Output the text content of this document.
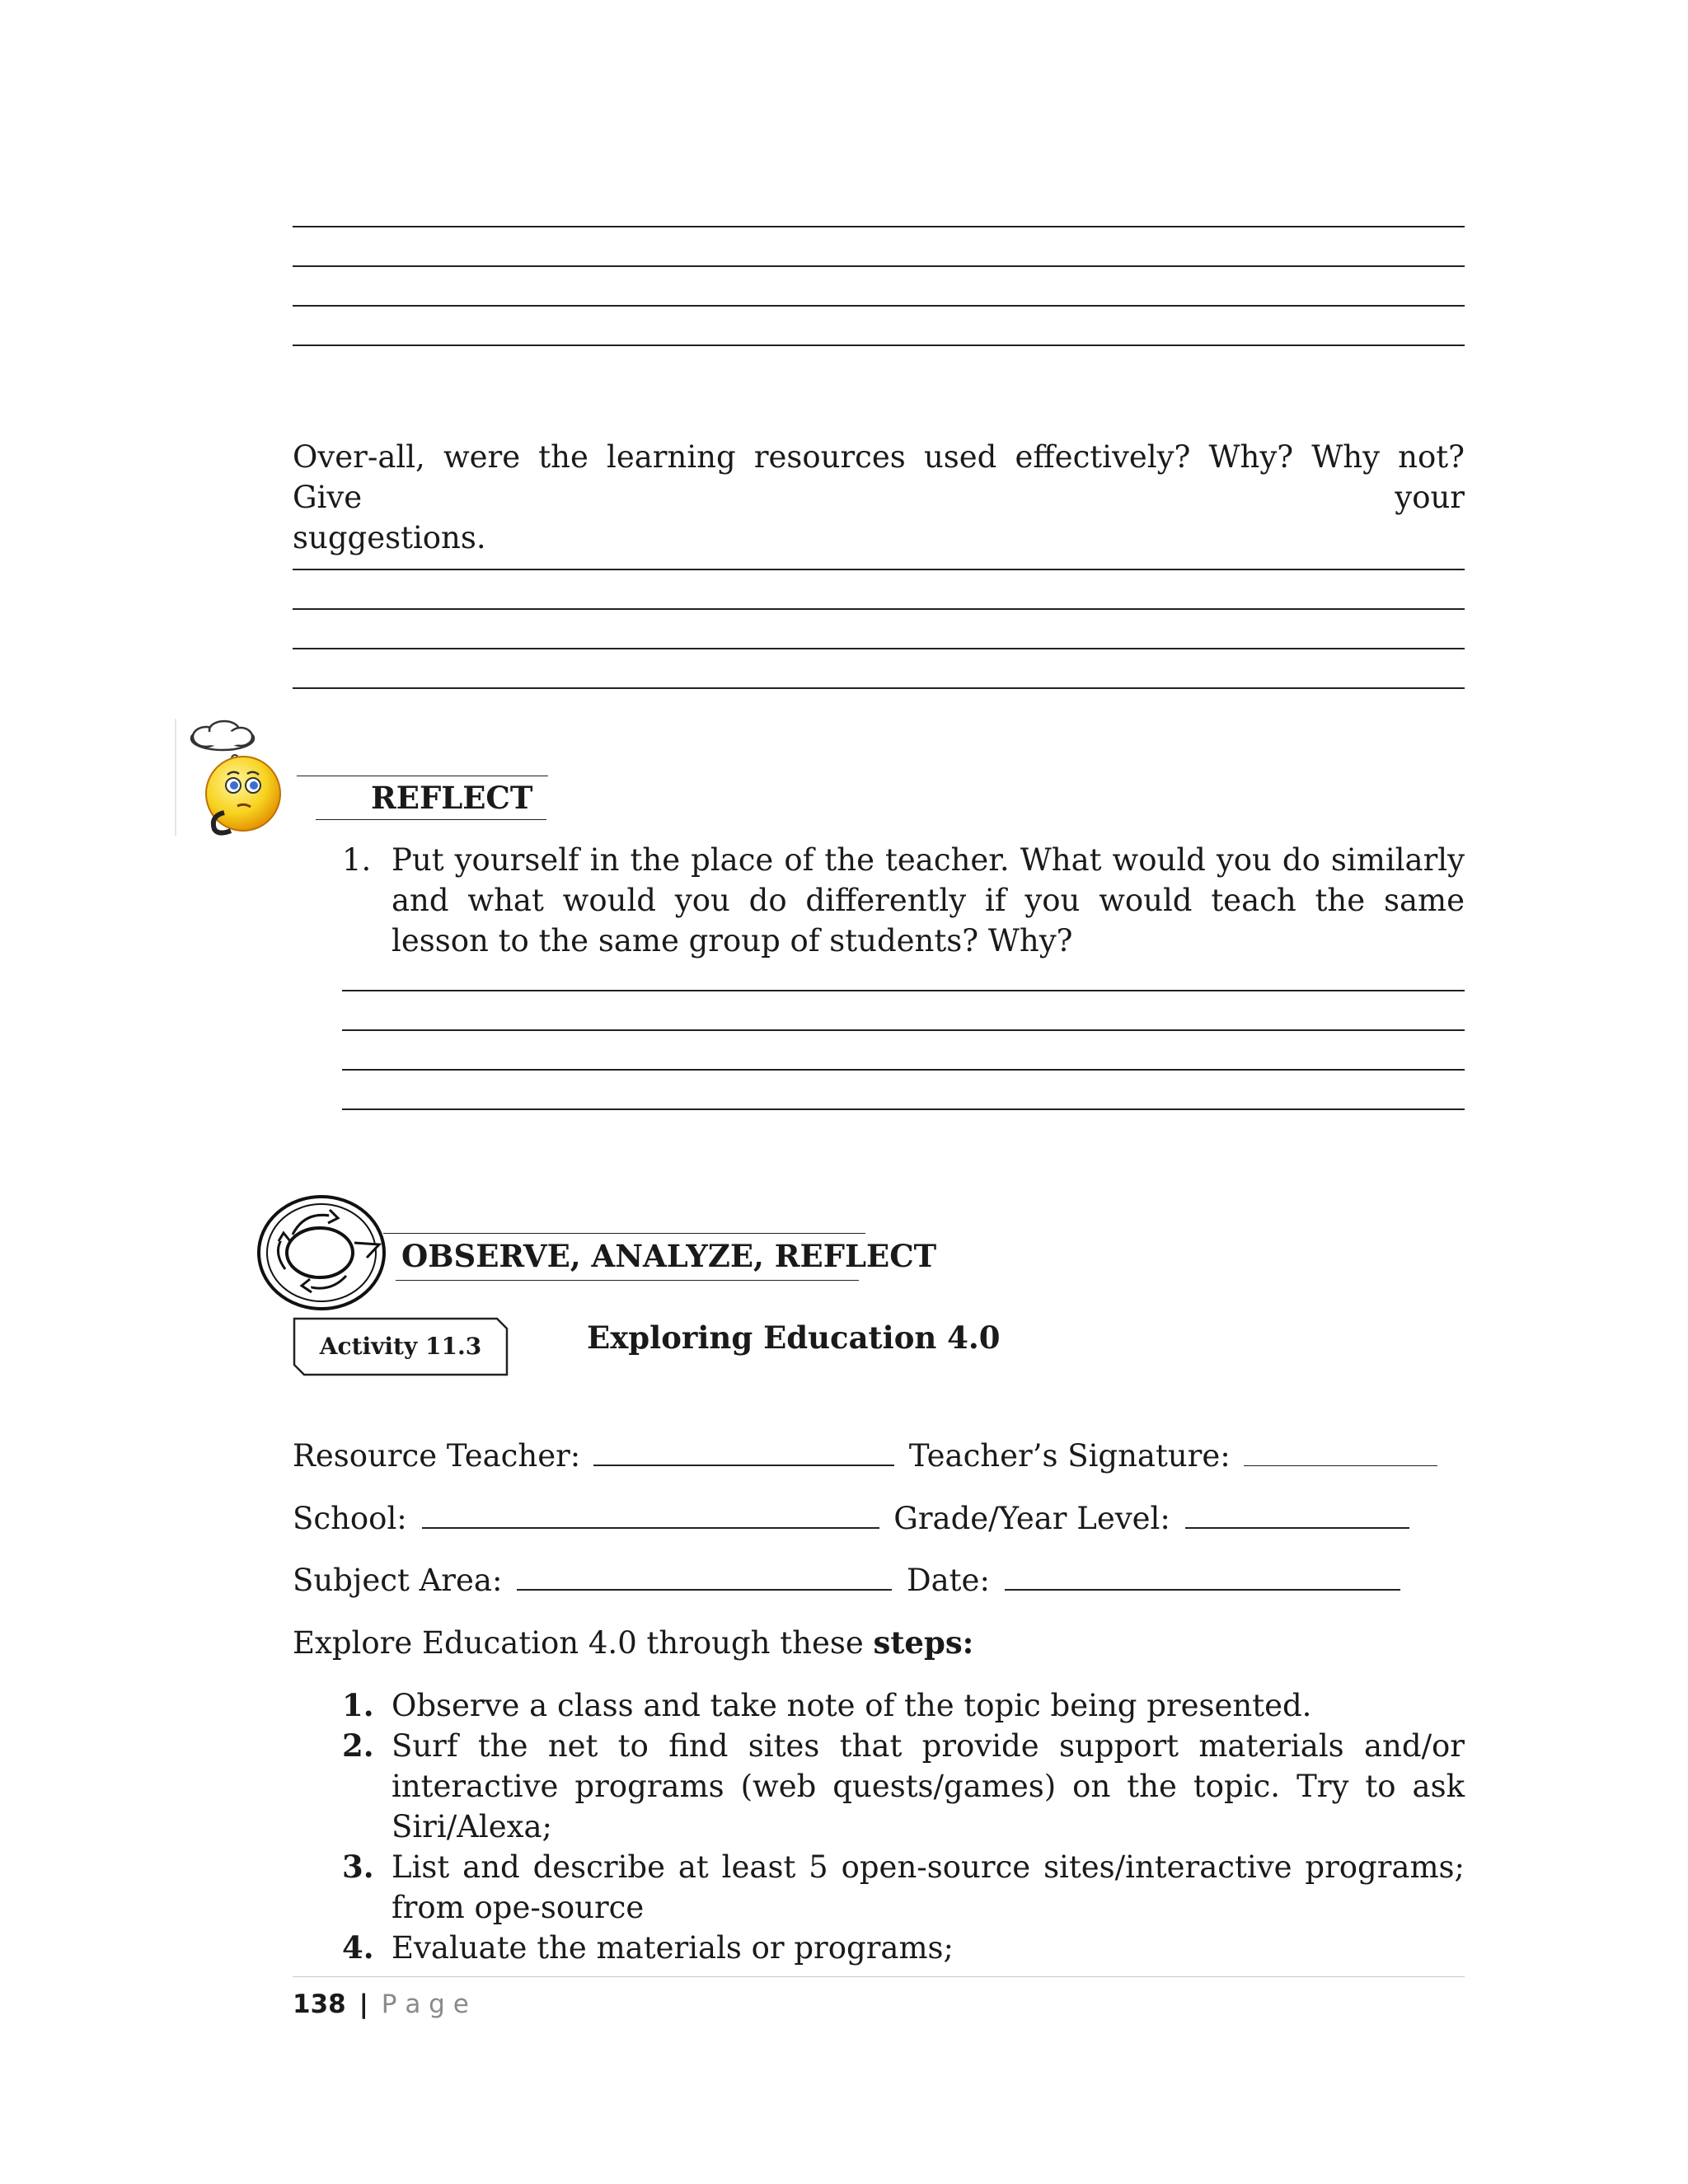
Over-all, were the learning resources used effectively? Why? Why not? Give your
suggestions.
REFLECT
1. Put yourself in the place of the teacher. What would you do similarly and what would you do differently if you would teach the same lesson to the same group of students? Why?
OBSERVE, ANALYZE, REFLECT
Activity 11.3	Exploring Education 4.0
Resource Teacher:	Teacher’s Signature:
School:	Grade/Year Level:
Subject Area:	Date:
Explore Education 4.0 through these steps:
1. Observe a class and take note of the topic being presented.
2. Surf the net to find sites that provide support materials and/or interactive programs (web quests/games) on the topic. Try to ask Siri/Alexa;
3. List and describe at least 5 open-source sites/interactive programs; from ope-source
4. Evaluate the materials or programs;
138 | P a g e
